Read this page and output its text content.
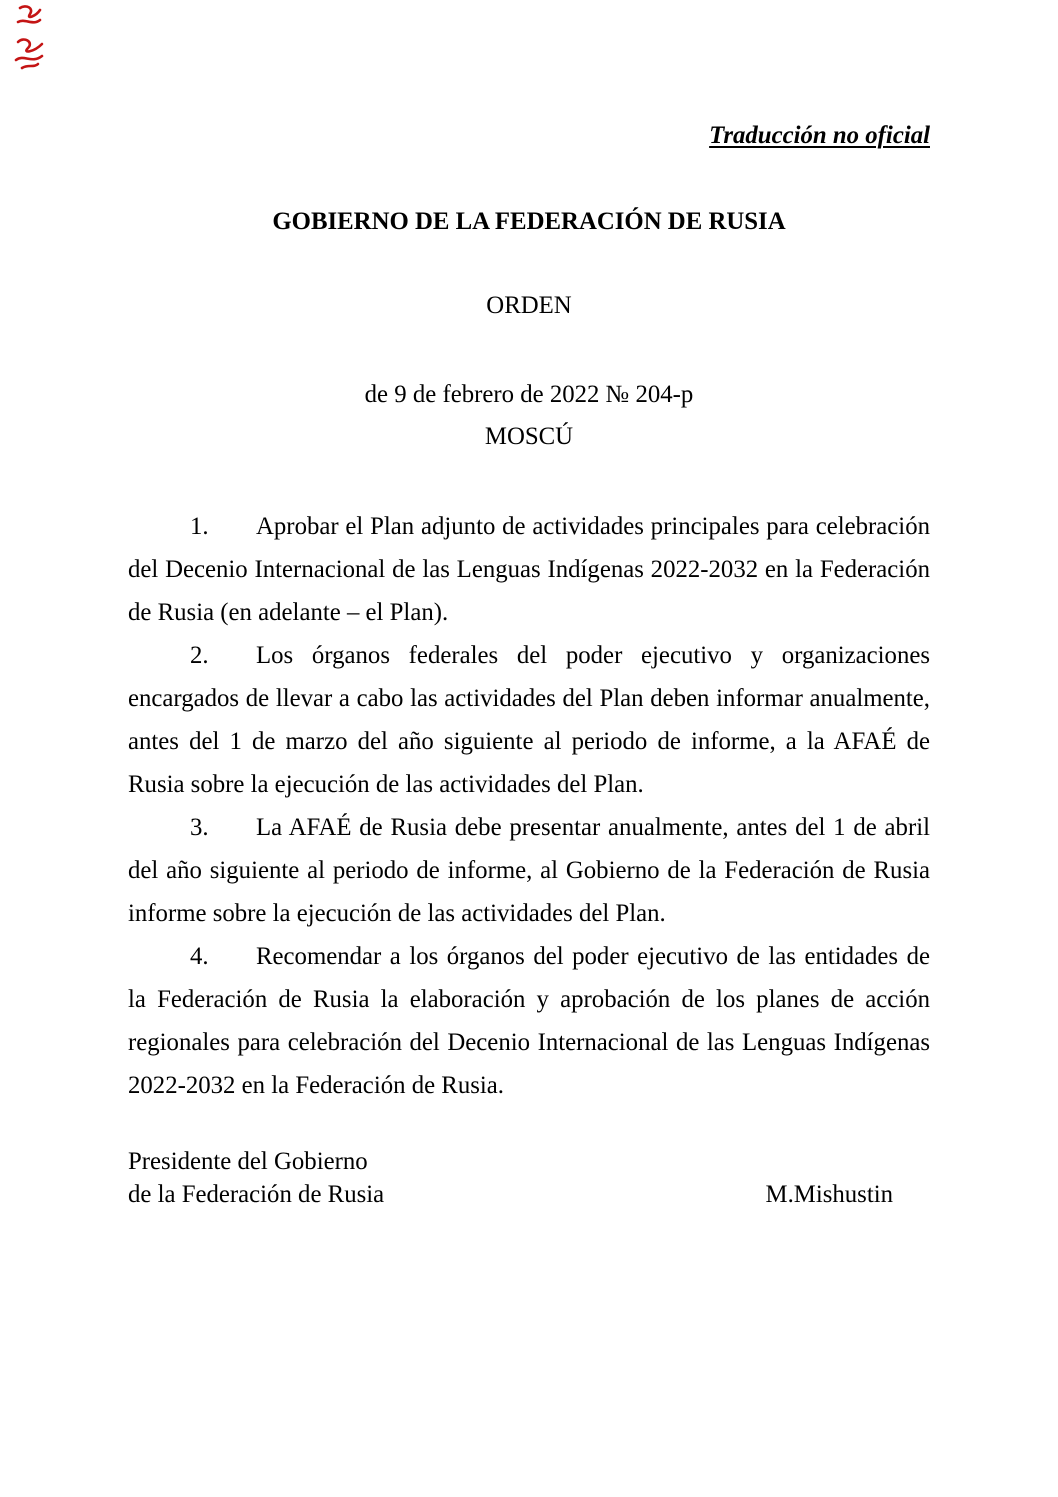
Traducción no oficial
GOBIERNO DE LA FEDERACIÓN DE RUSIA
ORDEN
de 9 de febrero de 2022 № 204-p
MOSCÚ

1. Aprobar el Plan adjunto de actividades principales para celebración del Decenio Internacional de las Lenguas Indígenas 2022-2032 en la Federación de Rusia (en adelante – el Plan).

2. Los órganos federales del poder ejecutivo y organizaciones encargados de llevar a cabo las actividades del Plan deben informar anualmente, antes del 1 de marzo del año siguiente al periodo de informe, a la AFAÉ de Rusia sobre la ejecución de las actividades del Plan.

3. La AFAÉ de Rusia debe presentar anualmente, antes del 1 de abril del año siguiente al periodo de informe, al Gobierno de la Federación de Rusia informe sobre la ejecución de las actividades del Plan.

4. Recomendar a los órganos del poder ejecutivo de las entidades de la Federación de Rusia la elaboración y aprobación de los planes de acción regionales para celebración del Decenio Internacional de las Lenguas Indígenas 2022-2032 en la Federación de Rusia.

Presidente del Gobierno
de la Federación de Rusia	M.Mishustin
